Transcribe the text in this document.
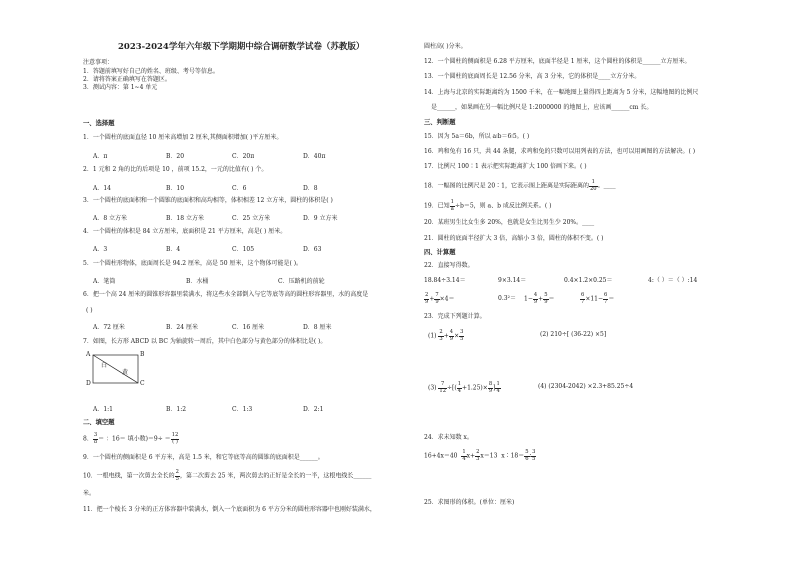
2023-2024学年六年级下学期期中综合调研数学试卷（苏教版）
注意事项：
1．答题前填写好自己的姓名、班级、考号等信息。
2．请将答案正确填写在答题区。
3．测试内容：第 1~4 单元
一、选择题
1．一个圆柱的底面直径 10 厘米高增加 2 厘米,其侧面积增加( )平方厘米。
A．π	B．20	C．20π	D．40π
2．1 元和 2 角的比的后项是 10 ，前项 15.2，一元的比值有( ) 个。
A．14	B．10	C．6	D．8
3．一个圆柱的底面积和一个圆锥的底面积和高均相等，体积相差 12 立方米，圆柱的体积是( )
A．8 立方米	B．18 立方米	C．25 立方米	D．9 立方米
4．一个圆柱的体积是 84 立方厘米，底面积是 21 平方厘米，高是( ) 厘米。
A．3	B．4	C．105	D．63
5．一个圆柱形物体，底面周长是 94.2 厘米，高是 50 厘米，这个物体可能是( )。
A．笔筒	B．水桶	C．压路机的前轮
6．把一个高 24 厘米的圆锥形容器里装满水，将这些水全部倒入与它等底等高的圆柱形容器里，水的高度是
( )
A．72 厘米	B．24 厘米	C．16 厘米	D．8 厘米
7．如图，长方形 ABCD 以 BC 为轴旋转一周后，其中白色部分与黄色部分的体积比是( )。
A	B
D	C
白
黄
A．1:1	B．1:2	C．1:3	D．2:1
二、填空题
8． $\frac{3}{8}$ ＝ ：16＝ 填小数)$=9\div = \frac{12}{( )}$
9．一个圆柱的侧面积是 6 平方米，高是 1.5 米，和它等底等高的圆锥的底面积是______。
10．一根电线，第一次剪去全长的 $\frac{2}{5}$ ，第二次剪去 25 米，两次剪去的正好是全长的一半，这根电线长______
米。
11．把一个棱长 3 分米的正方体容器中装满水，倒入一个底面积为 6 平方分米的圆柱形容器中也刚好装满水，
圆柱高( )分米。
12．一个圆柱的侧面积是 6.28 平方厘米，底面半径是 1 厘米，这个圆柱的体积是______立方厘米。
13．一个圆柱的底面周长是 12.56 分米，高 3 分米，它的体积是____立方分米。
14．上海与北京的实际距离约为 1500 千米，在一幅地图上量得四上距离为 5 分米，这幅地图的比例尺
是______，如果画在另一幅比例尺是 1:2000000 的地图上，应该画______cm 长。
三、判断题
15．因为 5a＝6b，所以 a∶b＝6∶5。( )
16．鸡和兔有 16 只，共 44 条腿，求鸡和兔的只数可以用列表的方法，也可以用画图的方法解决。( )
17．比例尺 100∶1 表示把实际距离扩大 100 倍画下来。( )
18．一幅图的比例尺是 20∶1，它表示图上距离是实际距离的 $\frac{1}{20}$ 。____
19．已知 $\frac{1}{a} \div b=5$，则 a、b 成反比例关系。( )
20．某班男生比女生多 20%，也就是女生比男生少 20%。____
21．圆柱的底面半径扩大 3 倍，高缩小 3 倍，圆柱的体积不变。( )
四、计算题
22．直接写得数。
18.84÷3.14＝	9×3.14＝	0.4×1.2×0.25＝	4:（ ）＝（ ）:14
$\frac{2}{9} + \frac{7}{9} \times 4=$	$0.3^2= 1- \frac{4}{9} + \frac{5}{9}$ ＝	$\frac{6}{7} \times 11- \frac{6}{7}$ ＝
23．完成下列题计算。
$(1) \frac{2}{3} + \frac{4}{9} \times \frac{3}{5}$	(2) 210÷[ (36-22) ×5]
$(3) \frac{7}{12}$ ÷[( $\frac{1}{4} +1.25)\times \frac{8}{9}$ ] $\frac{1}{4}$	(4) (2304-2042) ×2.3+85.25÷4
24．求未知数 x。
$16+4x=40 \frac{1}{4} x+ \frac{2}{3} x=13$  x∶18＝ $\frac{5}{6}$ ∶ $\frac{3}{5}$
25．求图形的体积。(单位：厘米)
